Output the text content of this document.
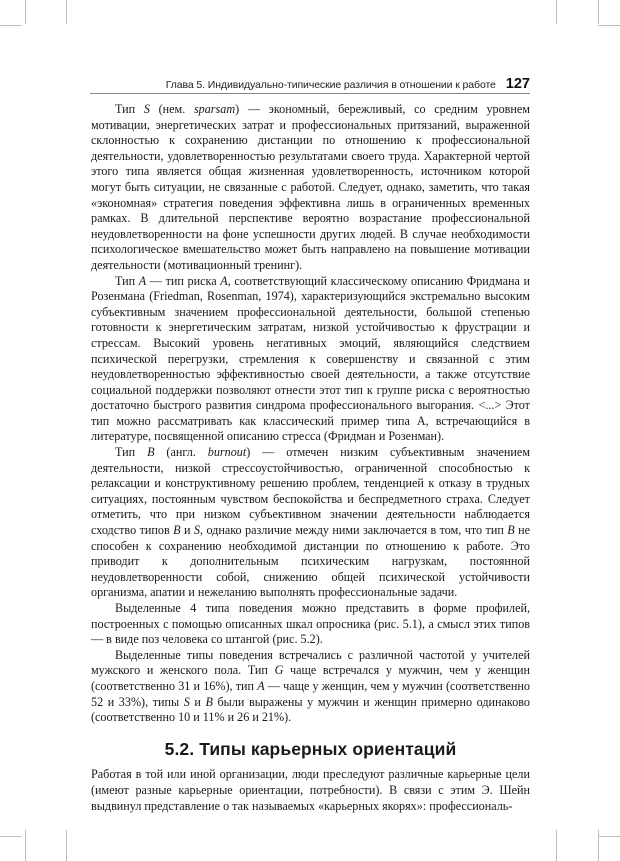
Глава 5. Индивидуально-типические различия в отношении к работе 127

Тип S (нем. sparsam) — экономный, бережливый, со средним уровнем мотивации, энергетических затрат и профессиональных притязаний, выраженной склонностью к сохранению дистанции по отношению к профессиональной деятельности, удовлетворенностью результатами своего труда. Характерной чертой этого типа является общая жизненная удовлетворенность, источником которой могут быть ситуации, не связанные с работой. Следует, однако, заметить, что такая «экономная» стратегия поведения эффективна лишь в ограниченных временных рамках. В длительной перспективе вероятно возрастание профессиональной неудовлетворенности на фоне успешности других людей. В случае необходимости психологическое вмешательство может быть направлено на повышение мотивации деятельности (мотивационный тренинг).

Тип А — тип риска А, соответствующий классическому описанию Фридмана и Розенмана (Friedman, Rosenman, 1974), характеризующийся экстремально высоким субъективным значением профессиональной деятельности, большой степенью готовности к энергетическим затратам, низкой устойчивостью к фрустрации и стрессам. Высокий уровень негативных эмоций, являющийся следствием психической перегрузки, стремления к совершенству и связанной с этим неудовлетворенностью эффективностью своей деятельности, а также отсутствие социальной поддержки позволяют отнести этот тип к группе риска с вероятностью достаточно быстрого развития синдрома профессионального выгорания. <...> Этот тип можно рассматривать как классический пример типа А, встречающийся в литературе, посвященной описанию стресса (Фридман и Розенман).

Тип В (англ. burnout) — отмечен низким субъективным значением деятельности, низкой стрессоустойчивостью, ограниченной способностью к релаксации и конструктивному решению проблем, тенденцией к отказу в трудных ситуациях, постоянным чувством беспокойства и беспредметного страха. Следует отметить, что при низком субъективном значении деятельности наблюдается сходство типов В и S, однако различие между ними заключается в том, что тип В не способен к сохранению необходимой дистанции по отношению к работе. Это приводит к дополнительным психическим нагрузкам, постоянной неудовлетворенности собой, снижению общей психической устойчивости организма, апатии и нежеланию выполнять профессиональные задачи.

Выделенные 4 типа поведения можно представить в форме профилей, построенных с помощью описанных шкал опросника (рис. 5.1), а смысл этих типов — в виде поз человека со штангой (рис. 5.2).

Выделенные типы поведения встречались с различной частотой у учителей мужского и женского пола. Тип G чаще встречался у мужчин, чем у женщин (соответственно 31 и 16%), тип А — чаще у женщин, чем у мужчин (соответственно 52 и 33%), типы S и В были выражены у мужчин и женщин примерно одинаково (соответственно 10 и 11% и 26 и 21%).

5.2. Типы карьерных ориентаций

Работая в той или иной организации, люди преследуют различные карьерные цели (имеют разные карьерные ориентации, потребности). В связи с этим Э. Шейн выдвинул представление о так называемых «карьерных якорях»: профессиональ-
